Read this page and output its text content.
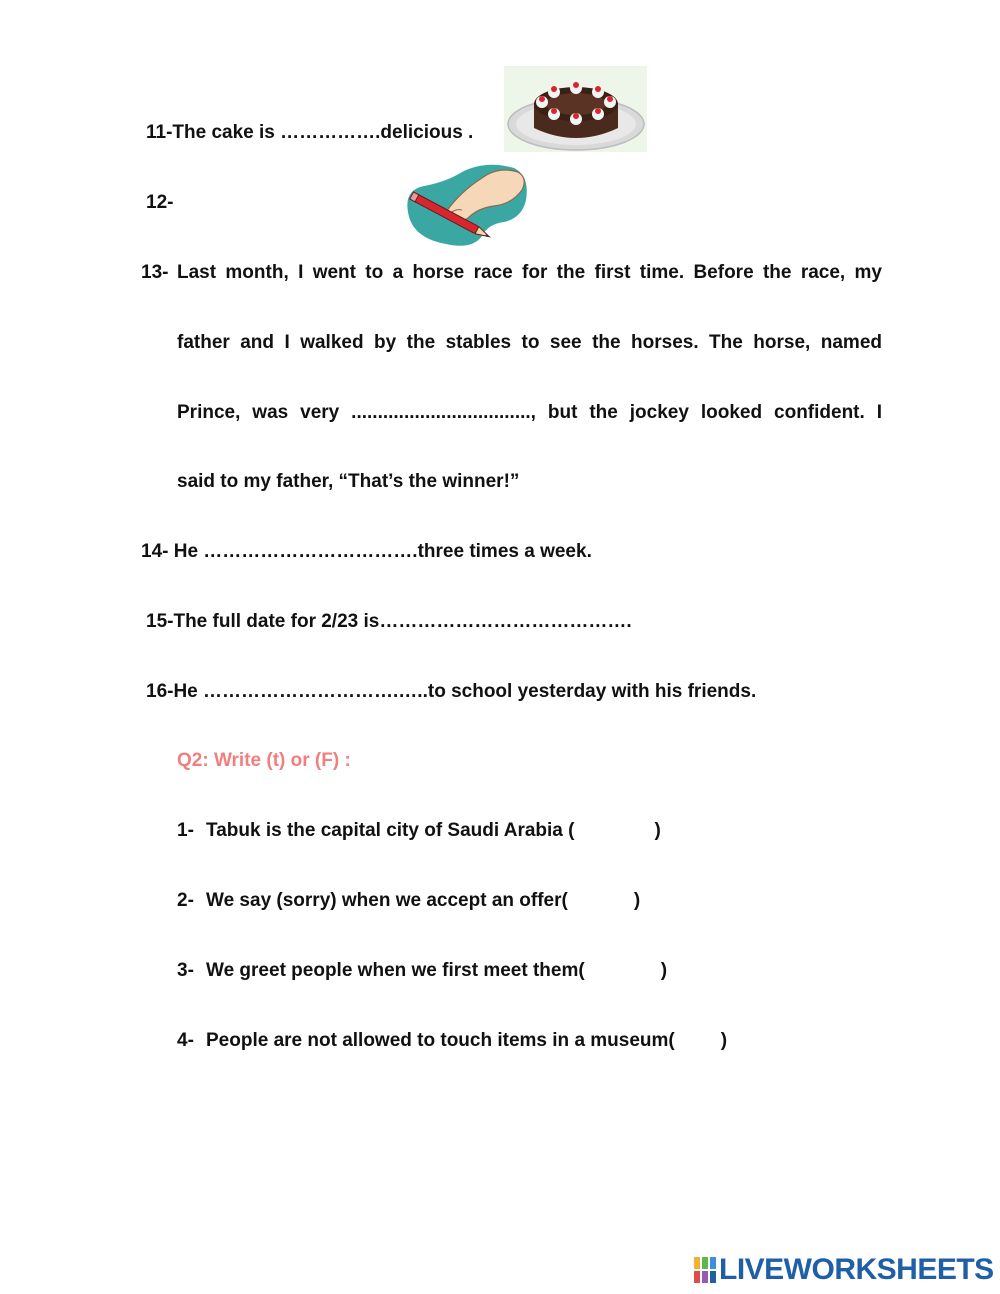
11-The cake is …………….delicious .
12-
13- Last month, I went to a horse race for the first time. Before the race, my
father and I walked by the stables to see the horses. The horse, named
Prince, was very .................................., but the jockey looked confident. I
said to my father, “That’s the winner!”
14- He …………………………….three times a week.
15-The full date for 2/23 is………………………………….
16-He ………………………….…..to school yesterday with his friends.
Q2: Write (t) or (F) :
1- Tabuk is the capital city of Saudi Arabia (	)
2- We say (sorry) when we accept an offer(	)
3- We greet people when we first meet them(	)
4- People are not allowed to touch items in a museum( )
LIVEWORKSHEETS
